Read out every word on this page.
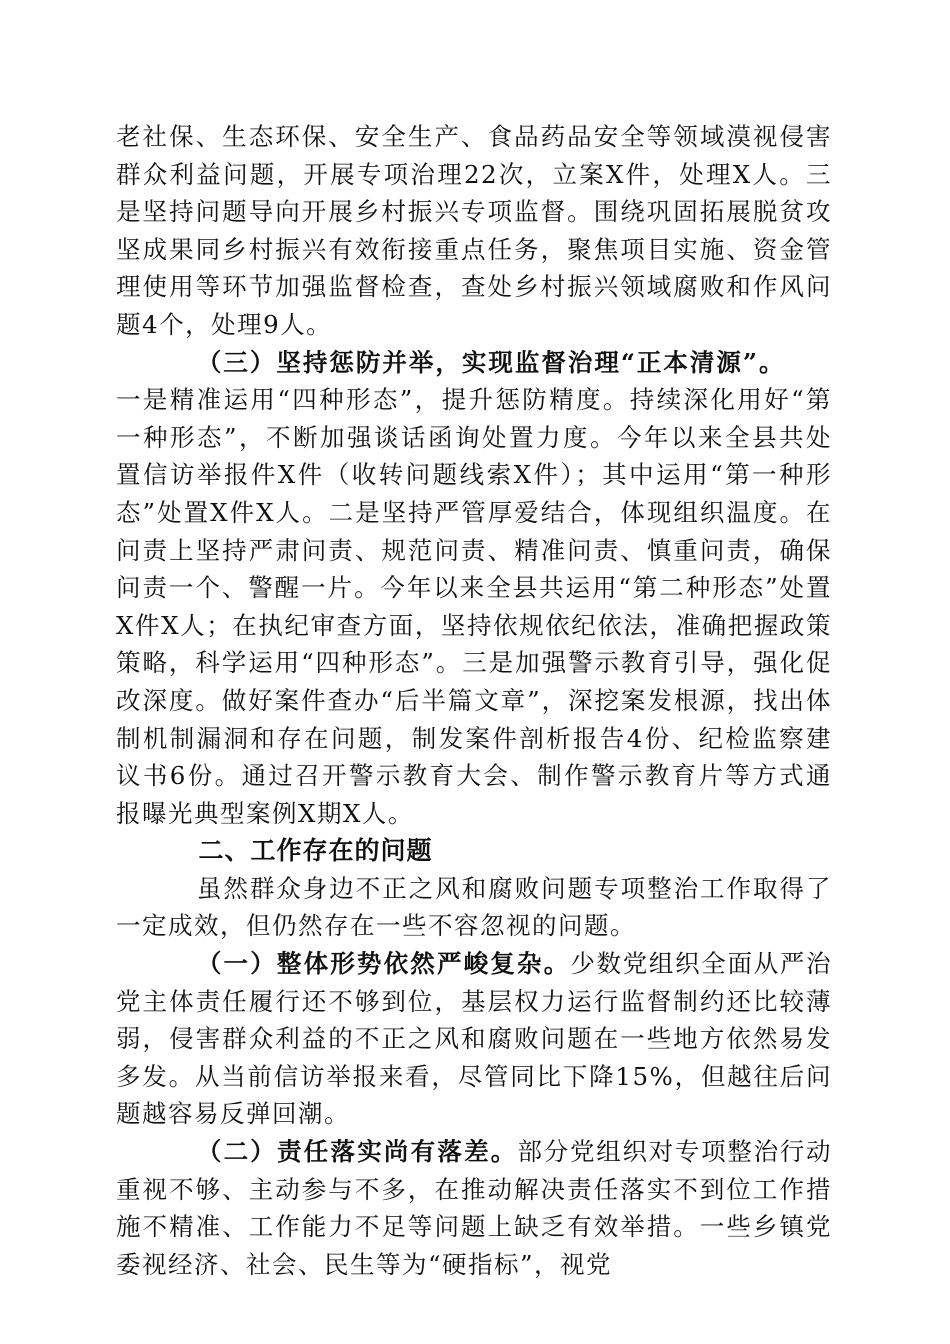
老社保、生态环保、安全生产、食品药品安全等领域漠视侵害群众利益问题，开展专项治理22次，立案X件，处理X人。三是坚持问题导向开展乡村振兴专项监督。围绕巩固拓展脱贫攻坚成果同乡村振兴有效衔接重点任务，聚焦项目实施、资金管理使用等环节加强监督检查，查处乡村振兴领域腐败和作风问题4个，处理9人。

（三）坚持惩防并举，实现监督治理“正本清源”。

一是精准运用“四种形态”，提升惩防精度。持续深化用好“第一种形态”，不断加强谈话函询处置力度。今年以来全县共处置信访举报件X件（收转问题线索X件）；其中运用“第一种形态”处置X件X人。二是坚持严管厚爱结合，体现组织温度。在问责上坚持严肃问责、规范问责、精准问责、慎重问责，确保问责一个、警醒一片。今年以来全县共运用“第二种形态”处置X件X人；在执纪审查方面，坚持依规依纪依法，准确把握政策策略，科学运用“四种形态”。三是加强警示教育引导，强化促改深度。做好案件查办“后半篇文章”，深挖案发根源，找出体制机制漏洞和存在问题，制发案件剖析报告4份、纪检监察建议书6份。通过召开警示教育大会、制作警示教育片等方式通报曝光典型案例X期X人。

二、工作存在的问题

虽然群众身边不正之风和腐败问题专项整治工作取得了一定成效，但仍然存在一些不容忽视的问题。

（一）整体形势依然严峻复杂。少数党组织全面从严治党主体责任履行还不够到位，基层权力运行监督制约还比较薄弱，侵害群众利益的不正之风和腐败问题在一些地方依然易发多发。从当前信访举报来看，尽管同比下降15%，但越往后问题越容易反弹回潮。

（二）责任落实尚有落差。部分党组织对专项整治行动重视不够、主动参与不多，在推动解决责任落实不到位工作措施不精准、工作能力不足等问题上缺乏有效举措。一些乡镇党委视经济、社会、民生等为“硬指标”，视党
